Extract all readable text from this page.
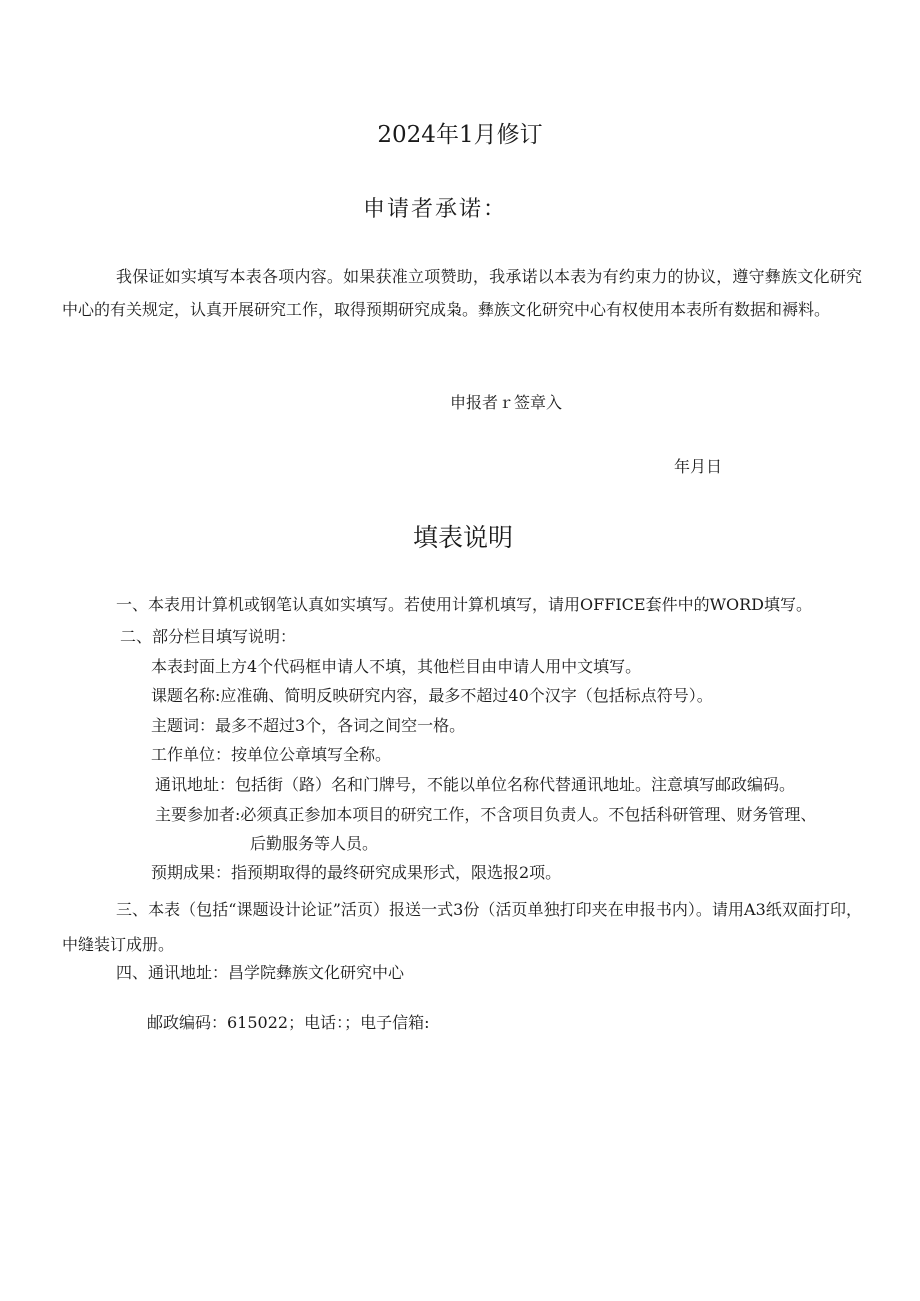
2024年1月修订
申请者承诺：
我保证如实填写本表各项内容。如果获准立项赞助，我承诺以本表为有约束力的协议，遵守彝族文化研究中心的有关规定，认真开展研究工作，取得预期研究成枭。彝族文化研究中心有权使用本表所有数据和褥料。
申报者ｒ签章入
年月日
填表说明
一、本表用计算机或钢笔认真如实填写。若使用计算机填写，请用OFFICE套件中的WORD填写。
二、部分栏目填写说明：
本表封面上方4个代码框申请人不填，其他栏目由申请人用中文填写。
课题名称:应准确、简明反映研究内容，最多不超过40个汉字（包括标点符号）。
主题词：最多不超过3个，各词之间空一格。
工作单位：按单位公章填写全称。
通讯地址：包括街（路）名和门牌号，不能以单位名称代替通讯地址。注意填写邮政编码。
主要参加者:必须真正参加本项目的研究工作，不含项目负责人。不包括科研管理、财务管理、
后勤服务等人员。
预期成果：指预期取得的最终研究成果形式，限选报2项。
三、本表（包括“课题设计论证”活页）报送一式3份（活页单独打印夹在申报书内）。请用A3纸双面打印，中缝装订成册。
四、通讯地址：昌学院彝族文化研究中心
邮政编码：615022；电话：；电子信箱:
